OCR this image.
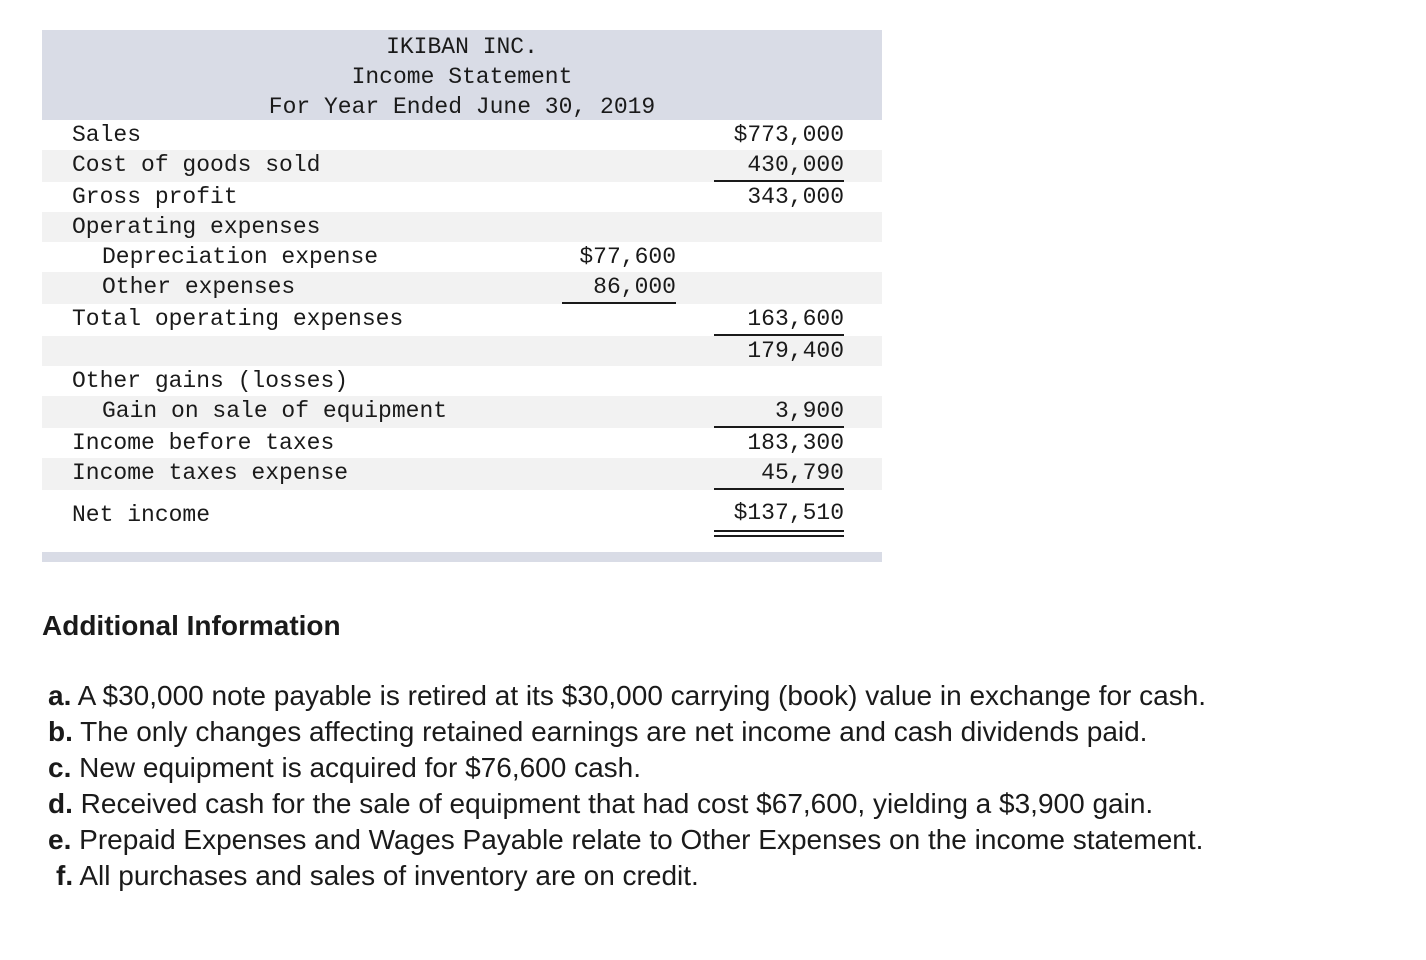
IKIBAN INC.
Income Statement
For Year Ended June 30, 2019
Sales	$773,000
Cost of goods sold	430,000
Gross profit	343,000
Operating expenses
Depreciation expense	$77,600
Other expenses	86,000
Total operating expenses	163,600
179,400
Other gains (losses)
Gain on sale of equipment	3,900
Income before taxes	183,300
Income taxes expense	45,790
Net income	$137,510
Additional Information
a. A $30,000 note payable is retired at its $30,000 carrying (book) value in exchange for cash.
b. The only changes affecting retained earnings are net income and cash dividends paid.
c. New equipment is acquired for $76,600 cash.
d. Received cash for the sale of equipment that had cost $67,600, yielding a $3,900 gain.
e. Prepaid Expenses and Wages Payable relate to Other Expenses on the income statement.
f. All purchases and sales of inventory are on credit.
